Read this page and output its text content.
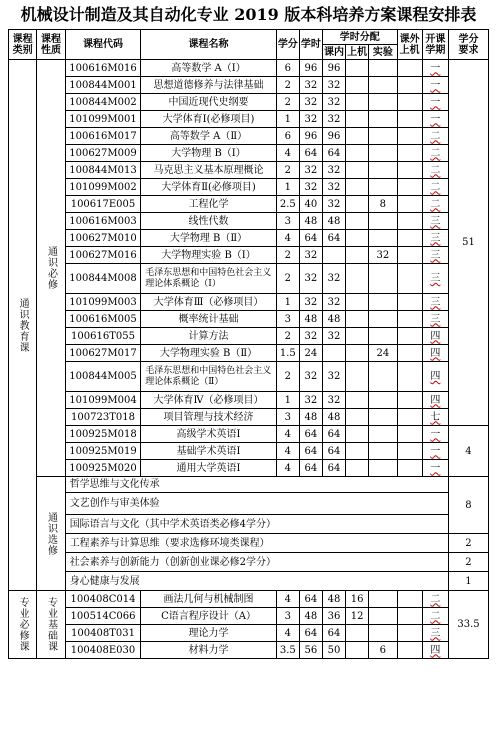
机械设计制造及其自动化专业 2019 版本科培养方案课程安排表
课程类别	课程性质	课程代码	课程名称	学分	学时	学时分配			课外上机	开课学期	学分要求

						课内	上机	实验			

通识教育课	通识必修	100616M016	高等数学 A（Ⅰ）	6	96	96				一	51
		100844M001	思想道德修养与法律基础	2	32	32				一	
		100844M002	中国近现代史纲要	2	32	32				一	
		101099M001	大学体育Ⅰ(必修项目)	1	32	32				一	
		100616M017	高等数学 A（Ⅱ）	6	96	96				二	
		100627M009	大学物理 B（Ⅰ）	4	64	64				二	
		100844M013	马克思主义基本原理概论	2	32	32				二	
		101099M002	大学体育Ⅱ(必修项目)	1	32	32				二	
		100617E005	工程化学	2.5	40	32		8		二	
		100616M003	线性代数	3	48	48				三	
		100627M010	大学物理 B（Ⅱ）	4	64	64				三	
		100627M016	大学物理实验 B（Ⅰ）	2	32			32		三	
		100844M008	毛泽东思想和中国特色社会主义理论体系概论（Ⅰ）	2	32	32				三	
		101099M003	大学体育Ⅲ（必修项目）	1	32	32				三	
		100616M005	概率统计基础	3	48	48				三	
		100616T055	计算方法	2	32	32				四	
		100627M017	大学物理实验 B（Ⅱ）	1.5	24			24		四	
		100844M005	毛泽东思想和中国特色社会主义理论体系概论（Ⅱ）	2	32	32				四	
		101099M004	大学体育Ⅳ（必修项目）	1	32	32				四	
		100723T018	项目管理与技术经济	3	48	48				七	
		100925M018	高级学术英语Ⅰ	4	64	64				一	4
		100925M019	基础学术英语Ⅰ	4	64	64				一	
		100925M020	通用大学英语Ⅰ	4	64	64				一	

	通识选修	哲学思维与文化传承									8
		文艺创作与审美体验									
		国际语言与文化（其中学术英语类必修4学分）									
		工程素养与计算思维（要求选修环境类课程）									2
		社会素养与创新能力（创新创业课必修2学分）									2
		身心健康与发展									1

专业必修课	专业基础课	100408C014	画法几何与机械制图	4	64	48	16			二	33.5
		100514C066	C语言程序设计（A）	3	48	36	12			二	
		100408T031	理论力学	4	64	64				三	
		100408E030	材料力学	3.5	56	50		6		四	
